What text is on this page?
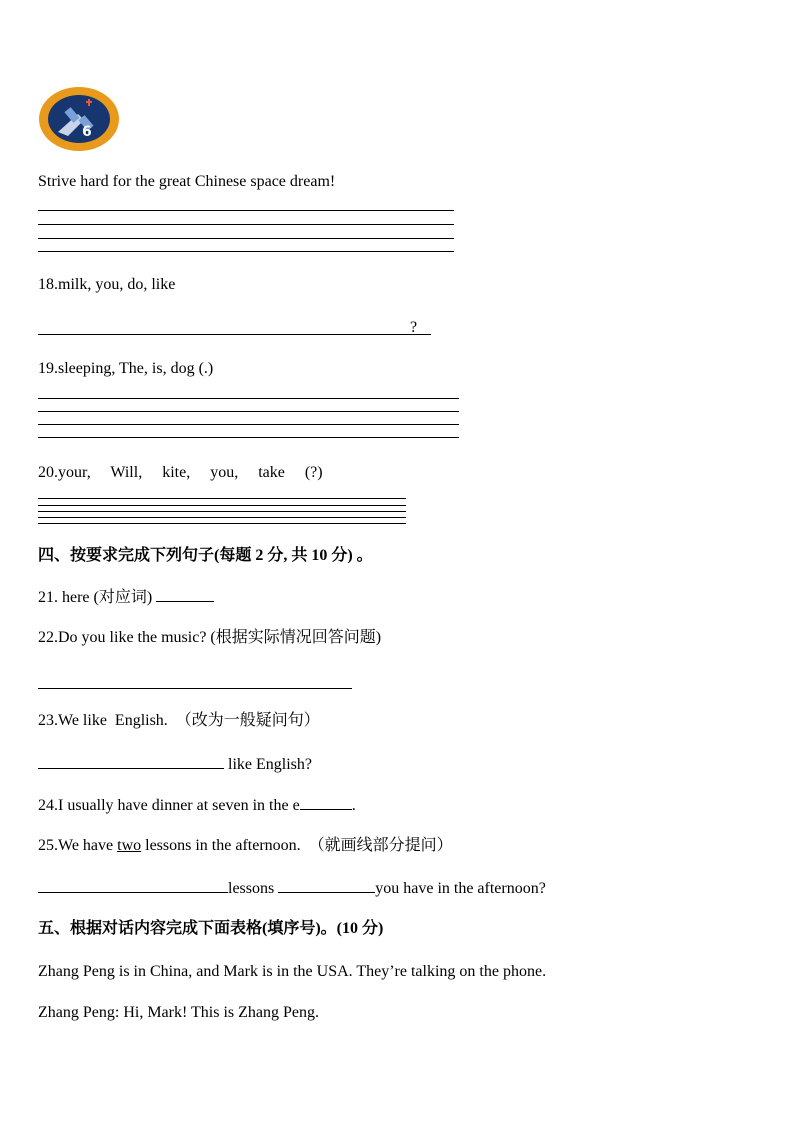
6
Strive hard for the great Chinese space dream!
18.milk, you, do, like
?
19.sleeping, The, is, dog (.)
20.your,     Will,     kite,     you,     take     (?)
四、按要求完成下列句子(每题 2 分, 共 10 分) 。
21. here (对应词)
22.Do you like the music? (根据实际情况回答问题)
23.We like  English.  （改为一般疑问句）
like English?
24.I usually have dinner at seven in the e	.
25.We have two lessons in the afternoon.  （就画线部分提问）
lessons	you have in the afternoon?
五、根据对话内容完成下面表格(填序号)。(10 分)
Zhang Peng is in China, and Mark is in the USA. They’re talking on the phone.
Zhang Peng: Hi, Mark! This is Zhang Peng.
